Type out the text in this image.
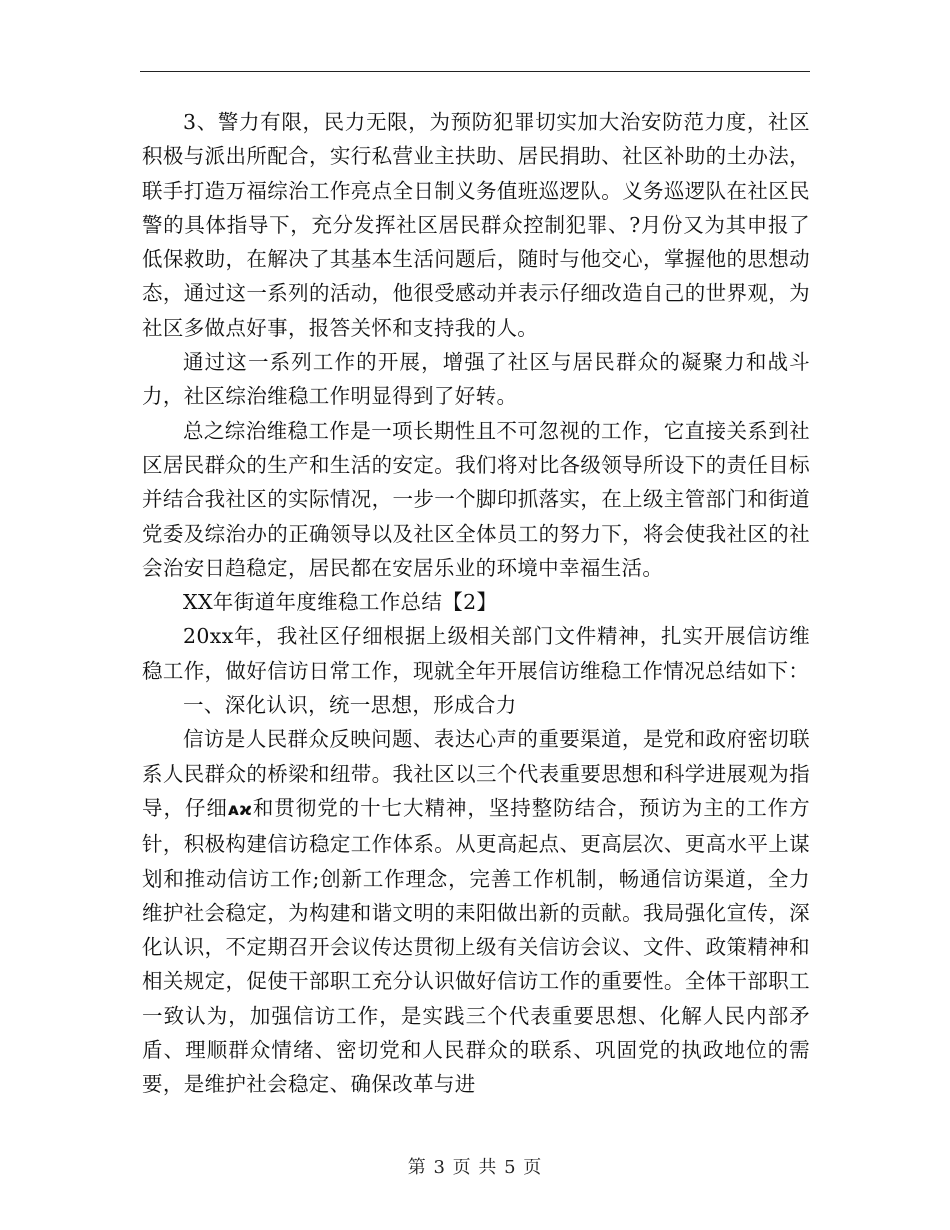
3、警力有限，民力无限，为预防犯罪切实加大治安防范力度，社区积极与派出所配合，实行私营业主扶助、居民捐助、社区补助的土办法，联手打造万福综治工作亮点全日制义务值班巡逻队。义务巡逻队在社区民警的具体指导下，充分发挥社区居民群众控制犯罪、?月份又为其申报了低保救助，在解决了其基本生活问题后，随时与他交心，掌握他的思想动态，通过这一系列的活动，他很受感动并表示仔细改造自己的世界观，为社区多做点好事，报答关怀和支持我的人。

通过这一系列工作的开展，增强了社区与居民群众的凝聚力和战斗力，社区综治维稳工作明显得到了好转。

总之综治维稳工作是一项长期性且不可忽视的工作，它直接关系到社区居民群众的生产和生活的安定。我们将对比各级领导所设下的责任目标并结合我社区的实际情况，一步一个脚印抓落实，在上级主管部门和街道党委及综治办的正确领导以及社区全体员工的努力下，将会使我社区的社会治安日趋稳定，居民都在安居乐业的环境中幸福生活。

XX年街道年度维稳工作总结【2】

20xx年，我社区仔细根据上级相关部门文件精神，扎实开展信访维稳工作，做好信访日常工作，现就全年开展信访维稳工作情况总结如下：

一、深化认识，统一思想，形成合力

信访是人民群众反映问题、表达心声的重要渠道，是党和政府密切联系人民群众的桥梁和纽带。我社区以三个代表重要思想和科学进展观为指导，仔细ᴀϰ和贯彻党的十七大精神，坚持整防结合，预访为主的工作方针，积极构建信访稳定工作体系。从更高起点、更高层次、更高水平上谋划和推动信访工作;创新工作理念，完善工作机制，畅通信访渠道，全力维护社会稳定，为构建和谐文明的耒阳做出新的贡献。我局强化宣传，深化认识，不定期召开会议传达贯彻上级有关信访会议、文件、政策精神和相关规定，促使干部职工充分认识做好信访工作的重要性。全体干部职工一致认为，加强信访工作，是实践三个代表重要思想、化解人民内部矛盾、理顺群众情绪、密切党和人民群众的联系、巩固党的执政地位的需要，是维护社会稳定、确保改革与进

第 3 页 共 5 页
